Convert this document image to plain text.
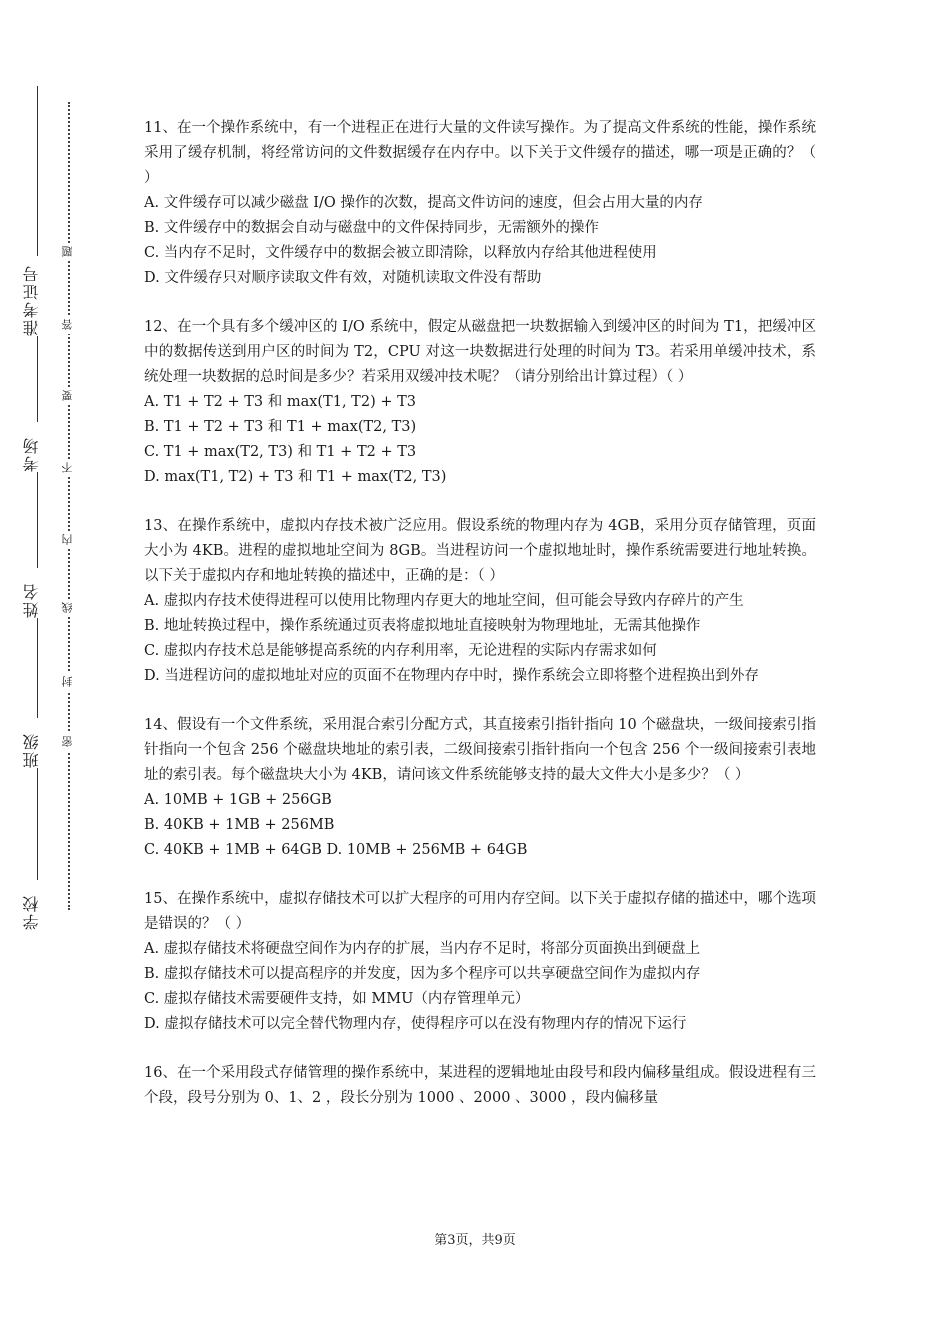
准考证号
考场
姓名
班级
学校
密
封
线
内
不
要
答
题
11、在一个操作系统中，有一个进程正在进行大量的文件读写操作。为了提高文件系统的性能，操作系统采用了缓存机制，将经常访问的文件数据缓存在内存中。以下关于文件缓存的描述，哪一项是正确的？（ ）
A. 文件缓存可以减少磁盘 I/O 操作的次数，提高文件访问的速度，但会占用大量的内存
B. 文件缓存中的数据会自动与磁盘中的文件保持同步，无需额外的操作
C. 当内存不足时，文件缓存中的数据会被立即清除，以释放内存给其他进程使用
D. 文件缓存只对顺序读取文件有效，对随机读取文件没有帮助
12、在一个具有多个缓冲区的 I/O 系统中，假定从磁盘把一块数据输入到缓冲区的时间为 T1，把缓冲区中的数据传送到用户区的时间为 T2，CPU 对这一块数据进行处理的时间为 T3。若采用单缓冲技术，系统处理一块数据的总时间是多少？若采用双缓冲技术呢？（请分别给出计算过程）（ ）
A. T1 + T2 + T3 和 max(T1, T2) + T3
B. T1 + T2 + T3 和 T1 + max(T2, T3)
C. T1 + max(T2, T3) 和 T1 + T2 + T3
D. max(T1, T2) + T3 和 T1 + max(T2, T3)
13、在操作系统中，虚拟内存技术被广泛应用。假设系统的物理内存为 4GB，采用分页存储管理，页面大小为 4KB。进程的虚拟地址空间为 8GB。当进程访问一个虚拟地址时，操作系统需要进行地址转换。以下关于虚拟内存和地址转换的描述中，正确的是：（ ）
A. 虚拟内存技术使得进程可以使用比物理内存更大的地址空间，但可能会导致内存碎片的产生
B. 地址转换过程中，操作系统通过页表将虚拟地址直接映射为物理地址，无需其他操作
C. 虚拟内存技术总是能够提高系统的内存利用率，无论进程的实际内存需求如何
D. 当进程访问的虚拟地址对应的页面不在物理内存中时，操作系统会立即将整个进程换出到外存
14、假设有一个文件系统，采用混合索引分配方式，其直接索引指针指向 10 个磁盘块，一级间接索引指针指向一个包含 256 个磁盘块地址的索引表，二级间接索引指针指向一个包含 256 个一级间接索引表地址的索引表。每个磁盘块大小为 4KB，请问该文件系统能够支持的最大文件大小是多少？（ ）
A. 10MB + 1GB + 256GB
B. 40KB + 1MB + 256MB
C. 40KB + 1MB + 64GB D. 10MB + 256MB + 64GB
15、在操作系统中，虚拟存储技术可以扩大程序的可用内存空间。以下关于虚拟存储的描述中，哪个选项是错误的？（ ）
A. 虚拟存储技术将硬盘空间作为内存的扩展，当内存不足时，将部分页面换出到硬盘上
B. 虚拟存储技术可以提高程序的并发度，因为多个程序可以共享硬盘空间作为虚拟内存
C. 虚拟存储技术需要硬件支持，如 MMU（内存管理单元）
D. 虚拟存储技术可以完全替代物理内存，使得程序可以在没有物理内存的情况下运行
16、在一个采用段式存储管理的操作系统中，某进程的逻辑地址由段号和段内偏移量组成。假设进程有三个段，段号分别为 0、1、2 ，段长分别为 1000 、2000 、3000 ，段内偏移量
第3页，共9页
